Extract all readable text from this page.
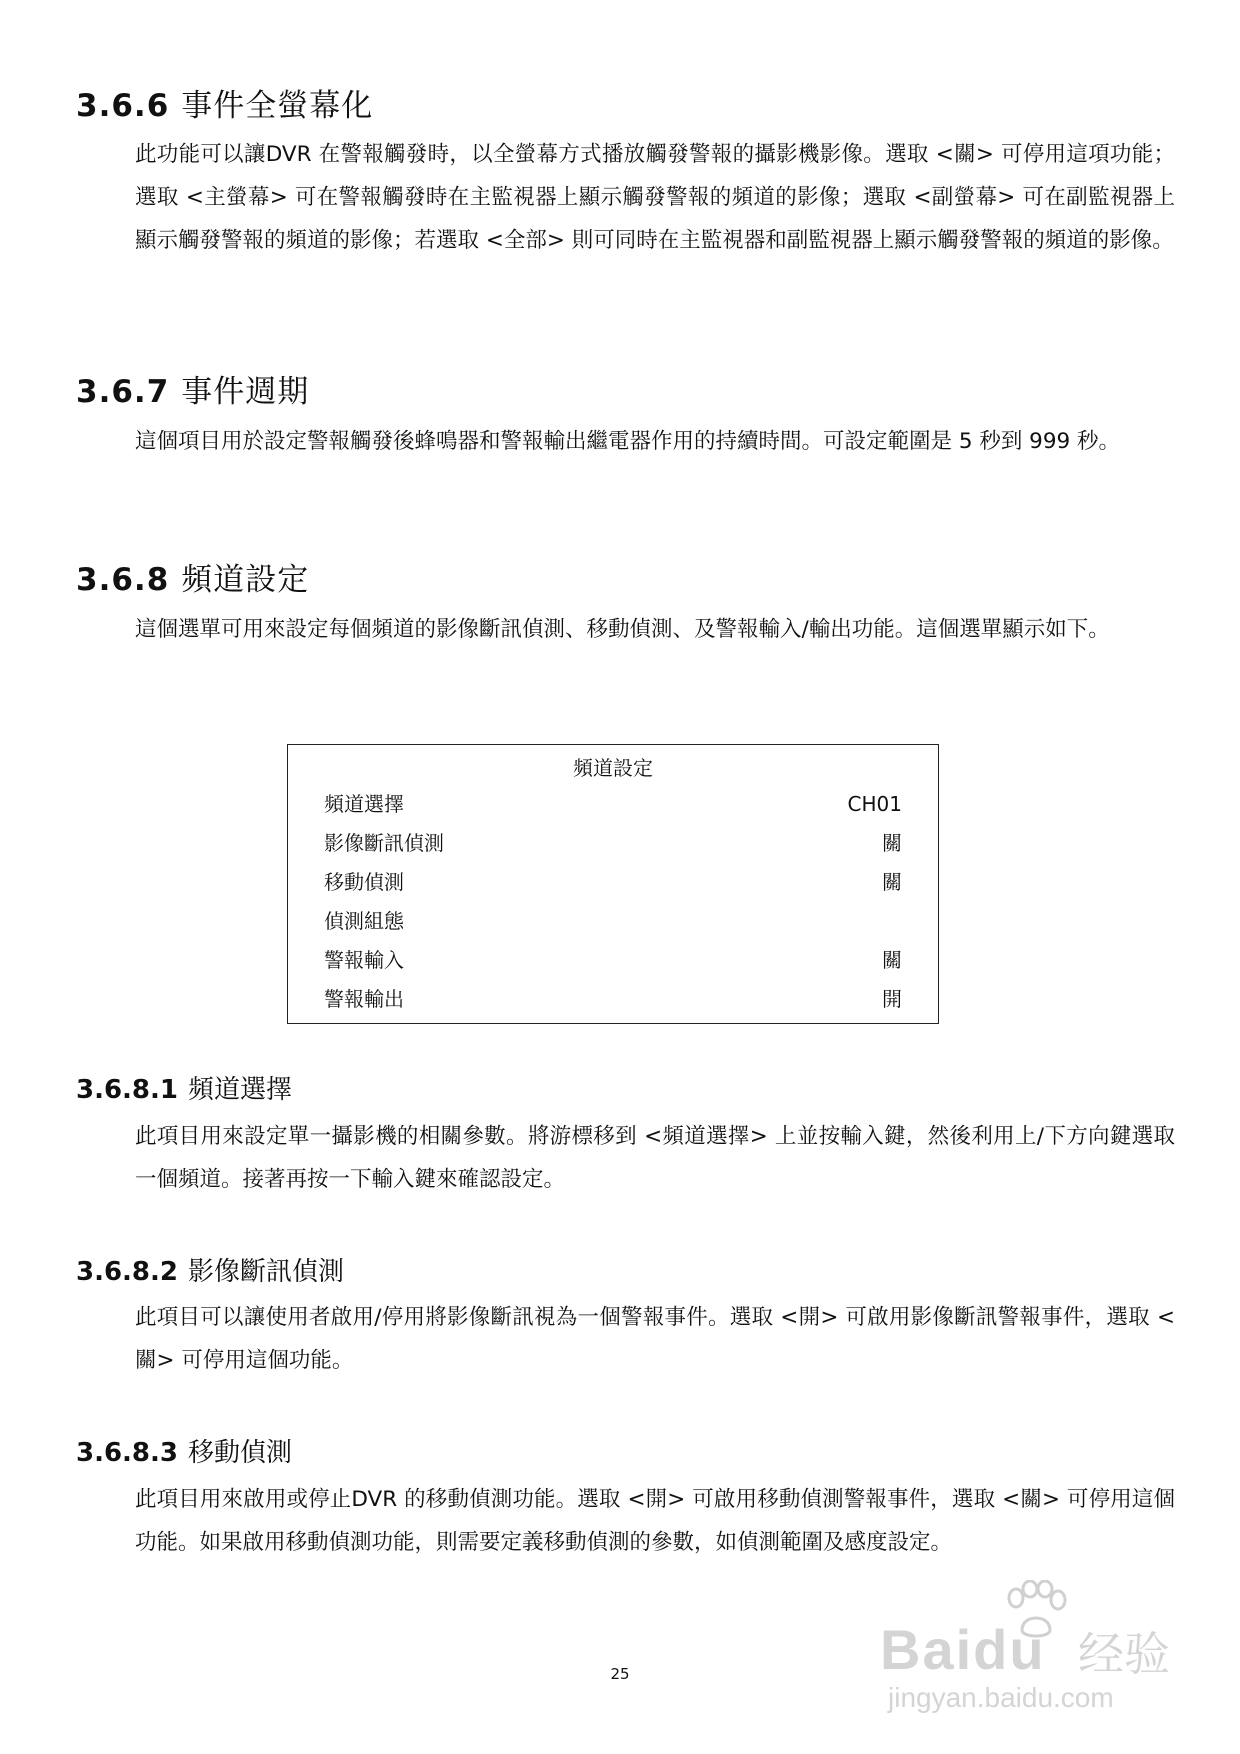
3.6.6 事件全螢幕化

此功能可以讓DVR 在警報觸發時，以全螢幕方式播放觸發警報的攝影機影像。選取 <關> 可停用這項功能；選取 <主螢幕> 可在警報觸發時在主監視器上顯示觸發警報的頻道的影像；選取 <副螢幕> 可在副監視器上顯示觸發警報的頻道的影像；若選取 <全部> 則可同時在主監視器和副監視器上顯示觸發警報的頻道的影像。

3.6.7 事件週期

這個項目用於設定警報觸發後蜂鳴器和警報輸出繼電器作用的持續時間。可設定範圍是 5 秒到 999 秒。

3.6.8 頻道設定

這個選單可用來設定每個頻道的影像斷訊偵測、移動偵測、及警報輸入/輸出功能。這個選單顯示如下。

頻道設定
頻道選擇	CH01
影像斷訊偵測	關
移動偵測	關
偵測組態
警報輸入	關
警報輸出	開
3.6.8.1 頻道選擇

此項目用來設定單一攝影機的相關參數。將游標移到 <頻道選擇> 上並按輸入鍵，然後利用上/下方向鍵選取一個頻道。接著再按一下輸入鍵來確認設定。

3.6.8.2 影像斷訊偵測

此項目可以讓使用者啟用/停用將影像斷訊視為一個警報事件。選取 <開> 可啟用影像斷訊警報事件，選取 <關> 可停用這個功能。

3.6.8.3 移動偵測

此項目用來啟用或停止DVR 的移動偵測功能。選取 <開> 可啟用移動偵測警報事件，選取 <關> 可停用這個功能。如果啟用移動偵測功能，則需要定義移動偵測的參數，如偵測範圍及感度設定。

25	Baidu 经验
jingyan.baidu.com
